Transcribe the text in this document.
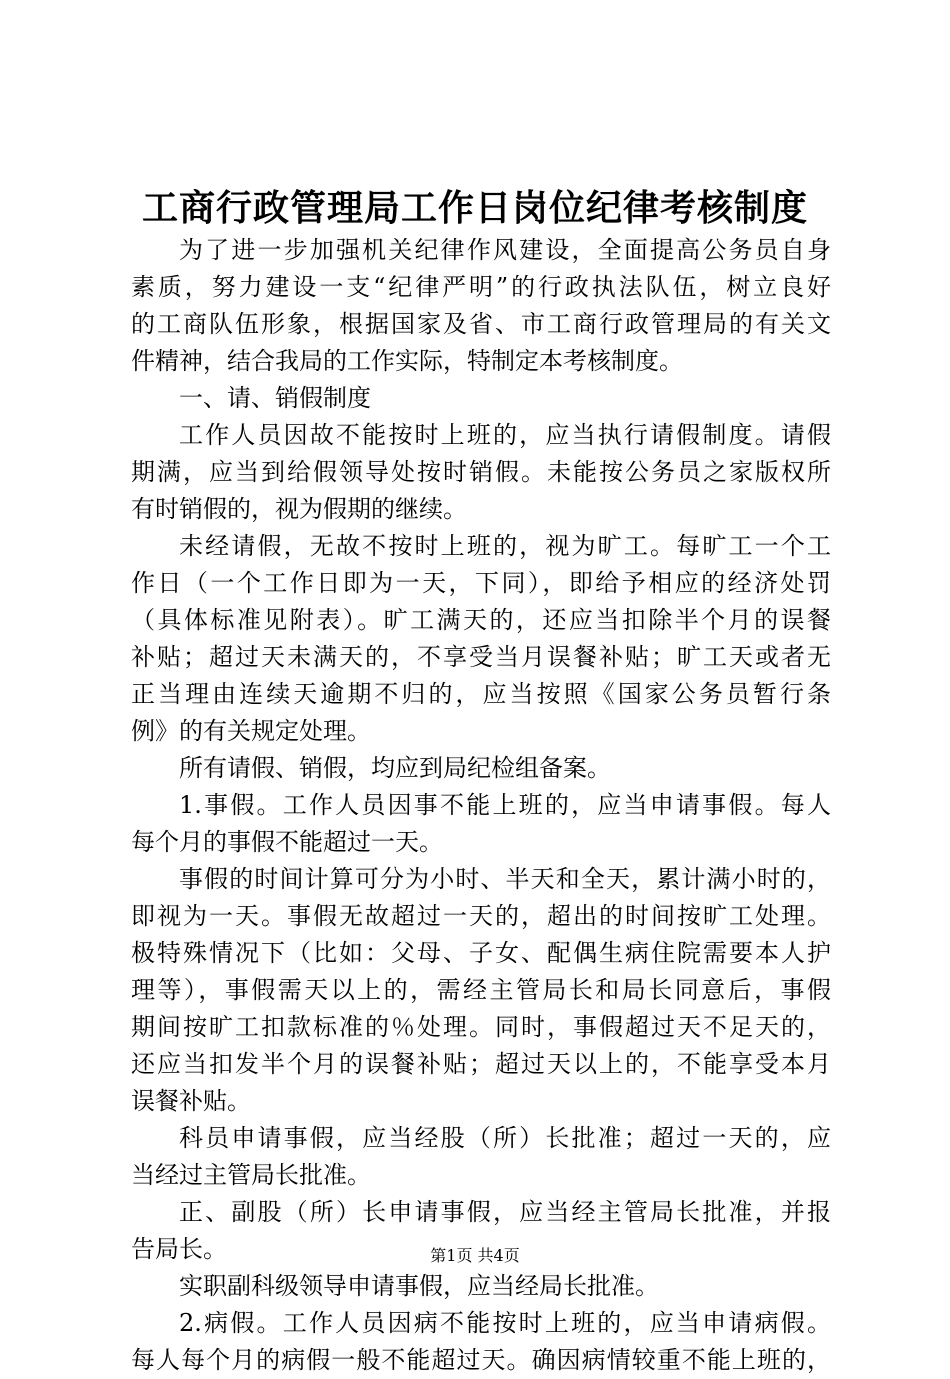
工商行政管理局工作日岗位纪律考核制度
为了进一步加强机关纪律作风建设，全面提高公务员自身
素质，努力建设一支“纪律严明”的行政执法队伍，树立良好
的工商队伍形象，根据国家及省、市工商行政管理局的有关文
件精神，结合我局的工作实际，特制定本考核制度。
一、请、销假制度
工作人员因故不能按时上班的，应当执行请假制度。请假
期满，应当到给假领导处按时销假。未能按公务员之家版权所
有时销假的，视为假期的继续。
未经请假，无故不按时上班的，视为旷工。每旷工一个工
作日（一个工作日即为一天，下同），即给予相应的经济处罚
（具体标准见附表）。旷工满天的，还应当扣除半个月的误餐
补贴；超过天未满天的，不享受当月误餐补贴；旷工天或者无
正当理由连续天逾期不归的，应当按照《国家公务员暂行条
例》的有关规定处理。
所有请假、销假，均应到局纪检组备案。
1.事假。工作人员因事不能上班的，应当申请事假。每人
每个月的事假不能超过一天。
事假的时间计算可分为小时、半天和全天，累计满小时的，
即视为一天。事假无故超过一天的，超出的时间按旷工处理。
极特殊情况下（比如：父母、子女、配偶生病住院需要本人护
理等），事假需天以上的，需经主管局长和局长同意后，事假
期间按旷工扣款标准的％处理。同时，事假超过天不足天的，
还应当扣发半个月的误餐补贴；超过天以上的，不能享受本月
误餐补贴。
科员申请事假，应当经股（所）长批准；超过一天的，应
当经过主管局长批准。
正、副股（所）长申请事假，应当经主管局长批准，并报
告局长。
实职副科级领导申请事假，应当经局长批准。
2.病假。工作人员因病不能按时上班的，应当申请病假。
每人每个月的病假一般不能超过天。确因病情较重不能上班的，
第1页 共4页
